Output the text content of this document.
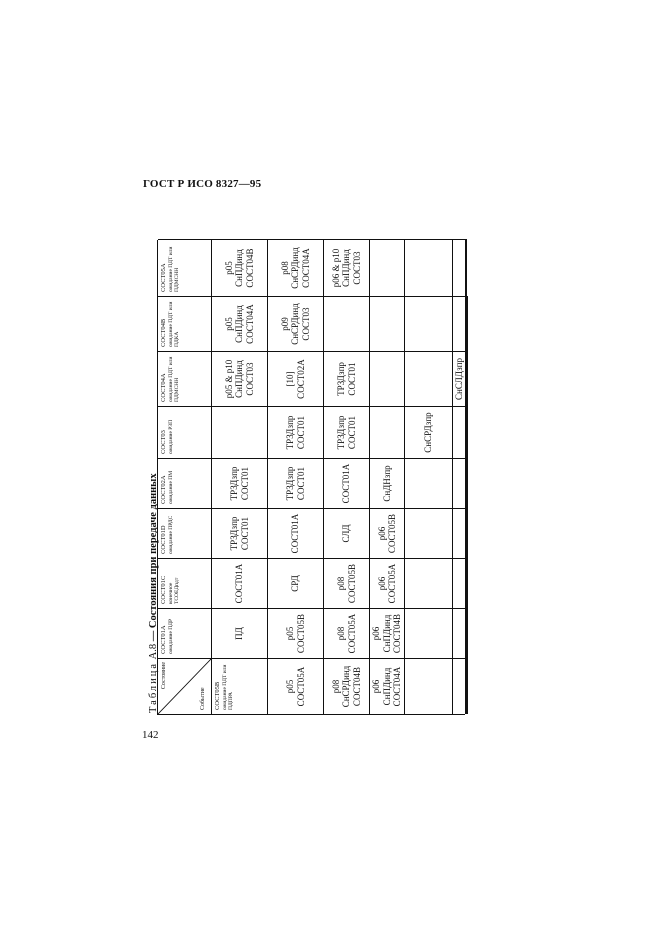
ГОСТ Р ИСО 8327—95
Таблица А.8 — Состояния при передаче данных
Состояние
Событие
СОСТ01А ожидание ПДР
СОСТ01С конечное ТСОЕДпдт
СОСТ01D ожидание ПРДС
СОСТ02А ожидание ПМ
СОСТ03 ожидание РЗП
СОСТ04А ожидание ПДТ или ПДМСНН
СОСТ04В ожидание ПДТ или ПДКА
СОСТ05А ожидание ПДТ или ПДМСНН
СОСТ05В ожидание ПДТ или ПДПРА
ПД
СОСТ01А
ТРЗДзпр СОСТ01
ТРЗДзпр СОСТ01
p05 & p10 СнПДинд СОСТ03
p05 СнПДинд СОСТ04А
p05 СнПДинд СОСТ04В
p05 СОСТ05А
p05 СОСТ05В
СРД
СОСТ01А
ТРЗДзпр СОСТ01
ТРЗДзпр СОСТ01
[10] СОСТ02А
p09 СнСРДинд СОСТ03
p08 СнСРДинд СОСТ04А
p08 СнСРДинд СОСТ04В
p08 СОСТ05А
p08 СОСТ05В
СЛД
СОСТ01А
ТРЗДзпр СОСТ01
ТРЗДзпр СОСТ01
p06 & p10 СнПДинд СОСТ03
p06 СнПДинд СОСТ04А
p06 СнПДинд СОСТ04В
p06 СОСТ05А
p06 СОСТ05В
СнДНзпр
СнСРДзпр
СнСЛДзпр
142
